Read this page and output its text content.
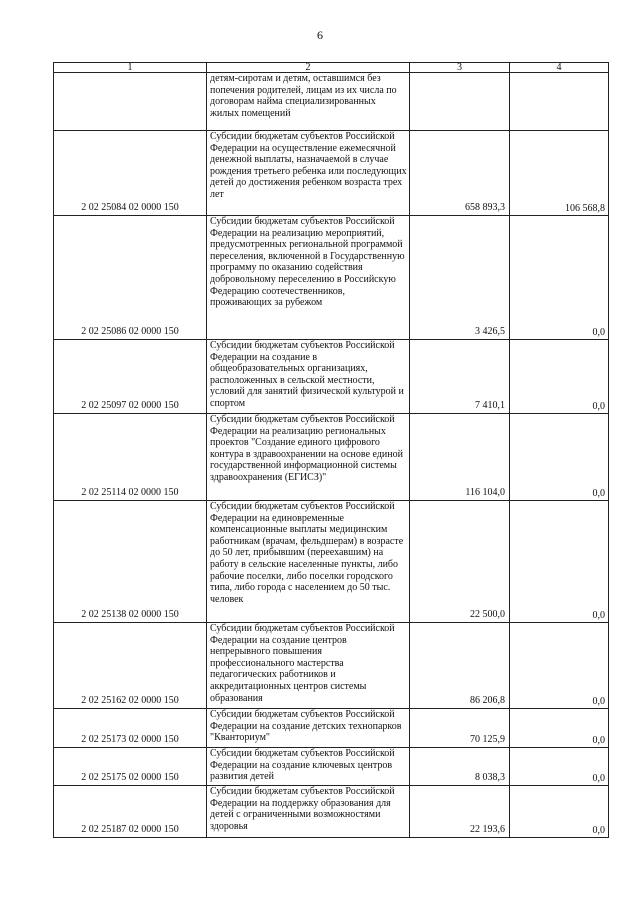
6
1	2	3	4
	детям-сиротам и детям, оставшимся без попечения родителей, лицам из их числа по договорам найма специализированных жилых помещений		
2 02 25084 02 0000 150	Субсидии бюджетам субъектов Российской Федерации на осуществление ежемесячной денежной выплаты, назначаемой в случае рождения третьего ребенка или последующих детей до достижения ребенком возраста трех лет	658 893,3	106 568,8
2 02 25086 02 0000 150	Субсидии бюджетам субъектов Российской Федерации на реализацию мероприятий, предусмотренных региональной программой переселения, включенной в Государственную программу по оказанию содействия добровольному переселению в Российскую Федерацию соотечественников, проживающих за рубежом	3 426,5	0,0
2 02 25097 02 0000 150	Субсидии бюджетам субъектов Российской Федерации на создание в общеобразовательных организациях, расположенных в сельской местности, условий для занятий физической культурой и спортом	7 410,1	0,0
2 02 25114 02 0000 150	Субсидии бюджетам субъектов Российской Федерации на реализацию региональных проектов "Создание единого цифрового контура в здравоохранении на основе единой государственной информационной системы здравоохранения (ЕГИСЗ)"	116 104,0	0,0
2 02 25138 02 0000 150	Субсидии бюджетам субъектов Российской Федерации на единовременные компенсационные выплаты медицинским работникам (врачам, фельдшерам) в возрасте до 50 лет, прибывшим (переехавшим) на работу в сельские населенные пункты, либо рабочие поселки, либо поселки городского типа, либо города с населением до 50 тыс. человек	22 500,0	0,0
2 02 25162 02 0000 150	Субсидии бюджетам субъектов Российской Федерации на создание центров непрерывного повышения профессионального мастерства педагогических работников и аккредитационных центров системы образования	86 206,8	0,0
2 02 25173 02 0000 150	Субсидии бюджетам субъектов Российской Федерации на создание детских технопарков "Кванториум"	70 125,9	0,0
2 02 25175 02 0000 150	Субсидии бюджетам субъектов Российской Федерации на создание ключевых центров развития детей	8 038,3	0,0
2 02 25187 02 0000 150	Субсидии бюджетам субъектов Российской Федерации на поддержку образования для детей с ограниченными возможностями здоровья	22 193,6	0,0
